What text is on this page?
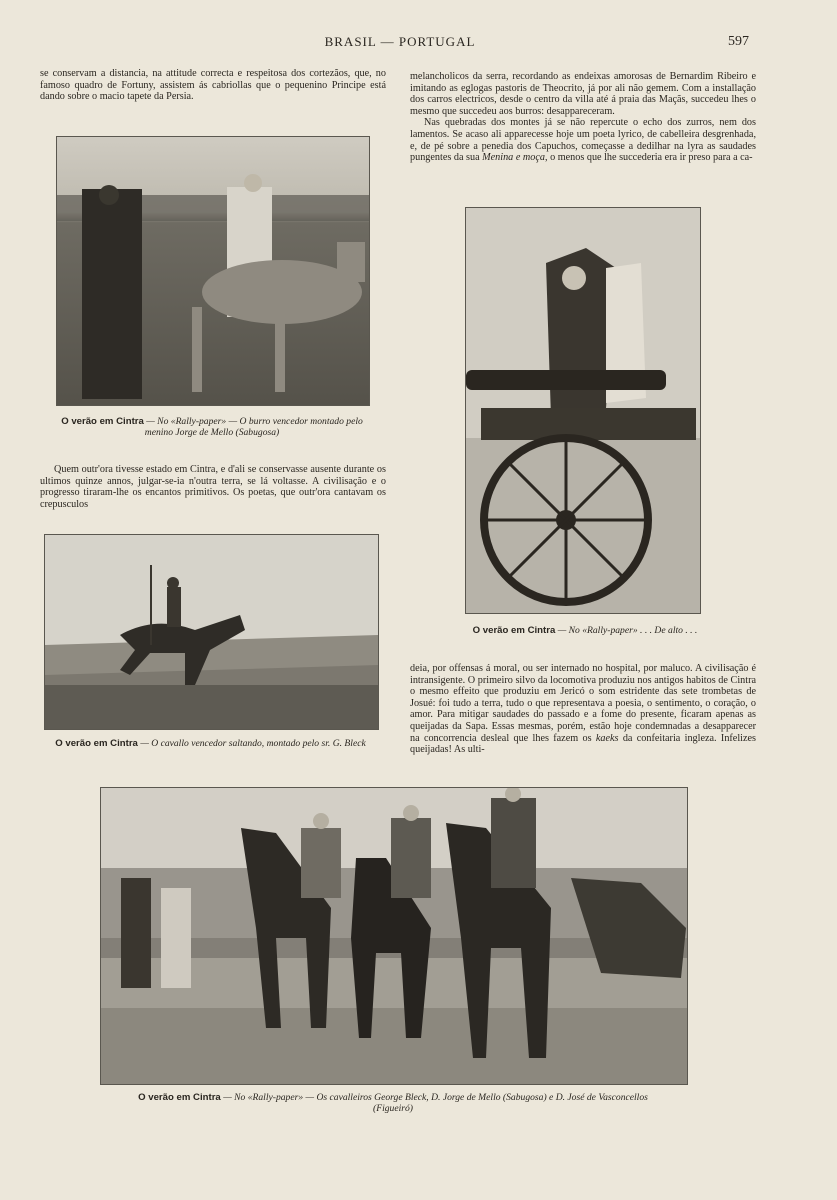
BRASIL — PORTUGAL	597

se conservam a distancia, na attitude correcta e respeitosa dos cortezãos, que, no famoso quadro de Fortuny, assistem ás cabriollas que o pequenino Principe está dando sobre o macio tapete da Persia.

melancholicos da serra, recordando as endeixas amorosas de Bernardim Ribeiro e imitando as eglogas pastoris de Theocrito, já por ali não gemem. Com a installação dos carros electricos, desde o centro da villa até á praia das Maçãs, succedeu lhes o mesmo que succedeu aos burros: desappareceram.

Nas quebradas dos montes já se não repercute o echo dos zurros, nem dos lamentos. Se acaso ali apparecesse hoje um poeta lyrico, de cabelleira desgrenhada, e, de pé sobre a penedia dos Capuchos, começasse a dedilhar na lyra as saudades pungentes da sua Menina e moça, o menos que lhe succederia era ir preso para a ca-

O verão em Cintra — No «Rally-paper» — O burro vencedor montado pelo menino Jorge de Mello (Sabugosa)

Quem outr'ora tivesse estado em Cintra, e d'ali se conservasse ausente durante os ultimos quinze annos, julgar-se-ia n'outra terra, se lá voltasse. A civilisação e o progresso tiraram-lhe os encantos primitivos. Os poetas, que outr'ora cantavam os crepusculos

O verão em Cintra — No «Rally-paper» . . . De alto . . .
O verão em Cintra — O cavallo vencedor saltando, montado pelo sr. G. Bleck

deia, por offensas á moral, ou ser internado no hospital, por maluco. A civilisação é intransigente. O primeiro silvo da locomotiva produziu nos antigos habitos de Cintra o mesmo effeito que produziu em Jericó o som estridente das sete trombetas de Josué: foi tudo a terra, tudo o que representava a poesia, o sentimento, o coração, o amor. Para mitigar saudades do passado e a fome do presente, ficaram apenas as queijadas da Sapa. Essas mesmas, porém, estão hoje condemnadas a desapparecer na concorrencia desleal que lhes fazem os kaeks da confeitaria ingleza. Infelizes queijadas! As ulti-

O verão em Cintra — No «Rally-paper» — Os cavalleiros George Bleck, D. Jorge de Mello (Sabugosa) e D. José de Vasconcellos (Figueiró)
